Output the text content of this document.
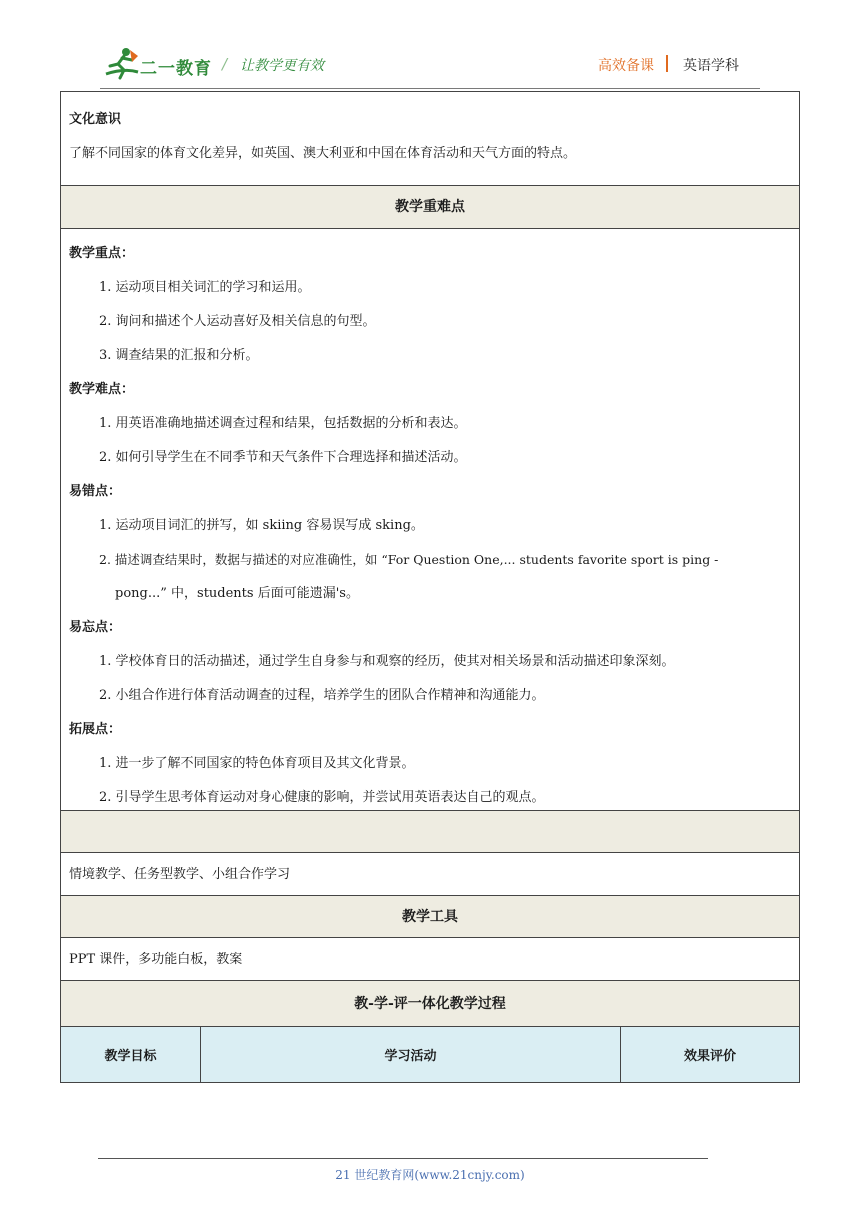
二一教育 / 让教学更有效	高效备课 英语学科
文化意识
了解不同国家的体育文化差异，如英国、澳大利亚和中国在体育活动和天气方面的特点。
教学重难点
教学重点：
1. 运动项目相关词汇的学习和运用。
2. 询问和描述个人运动喜好及相关信息的句型。
3. 调查结果的汇报和分析。
教学难点：
1. 用英语准确地描述调查过程和结果，包括数据的分析和表达。
2. 如何引导学生在不同季节和天气条件下合理选择和描述活动。
易错点：
1. 运动项目词汇的拼写，如 skiing 容易误写成 sking。
2. 描述调查结果时，数据与描述的对应准确性，如 “For Question One,... students favorite sport is ping -
pong...” 中，students 后面可能遗漏's。
易忘点：
1. 学校体育日的活动描述，通过学生自身参与和观察的经历，使其对相关场景和活动描述印象深刻。
2. 小组合作进行体育活动调查的过程，培养学生的团队合作精神和沟通能力。
拓展点：
1. 进一步了解不同国家的特色体育项目及其文化背景。
2. 引导学生思考体育运动对身心健康的影响，并尝试用英语表达自己的观点。
情境教学、任务型教学、小组合作学习
教学工具
PPT 课件，多功能白板，教案
教-学-评一体化教学过程
教学目标	学习活动	效果评价
21 世纪教育网(www.21cnjy.com)
